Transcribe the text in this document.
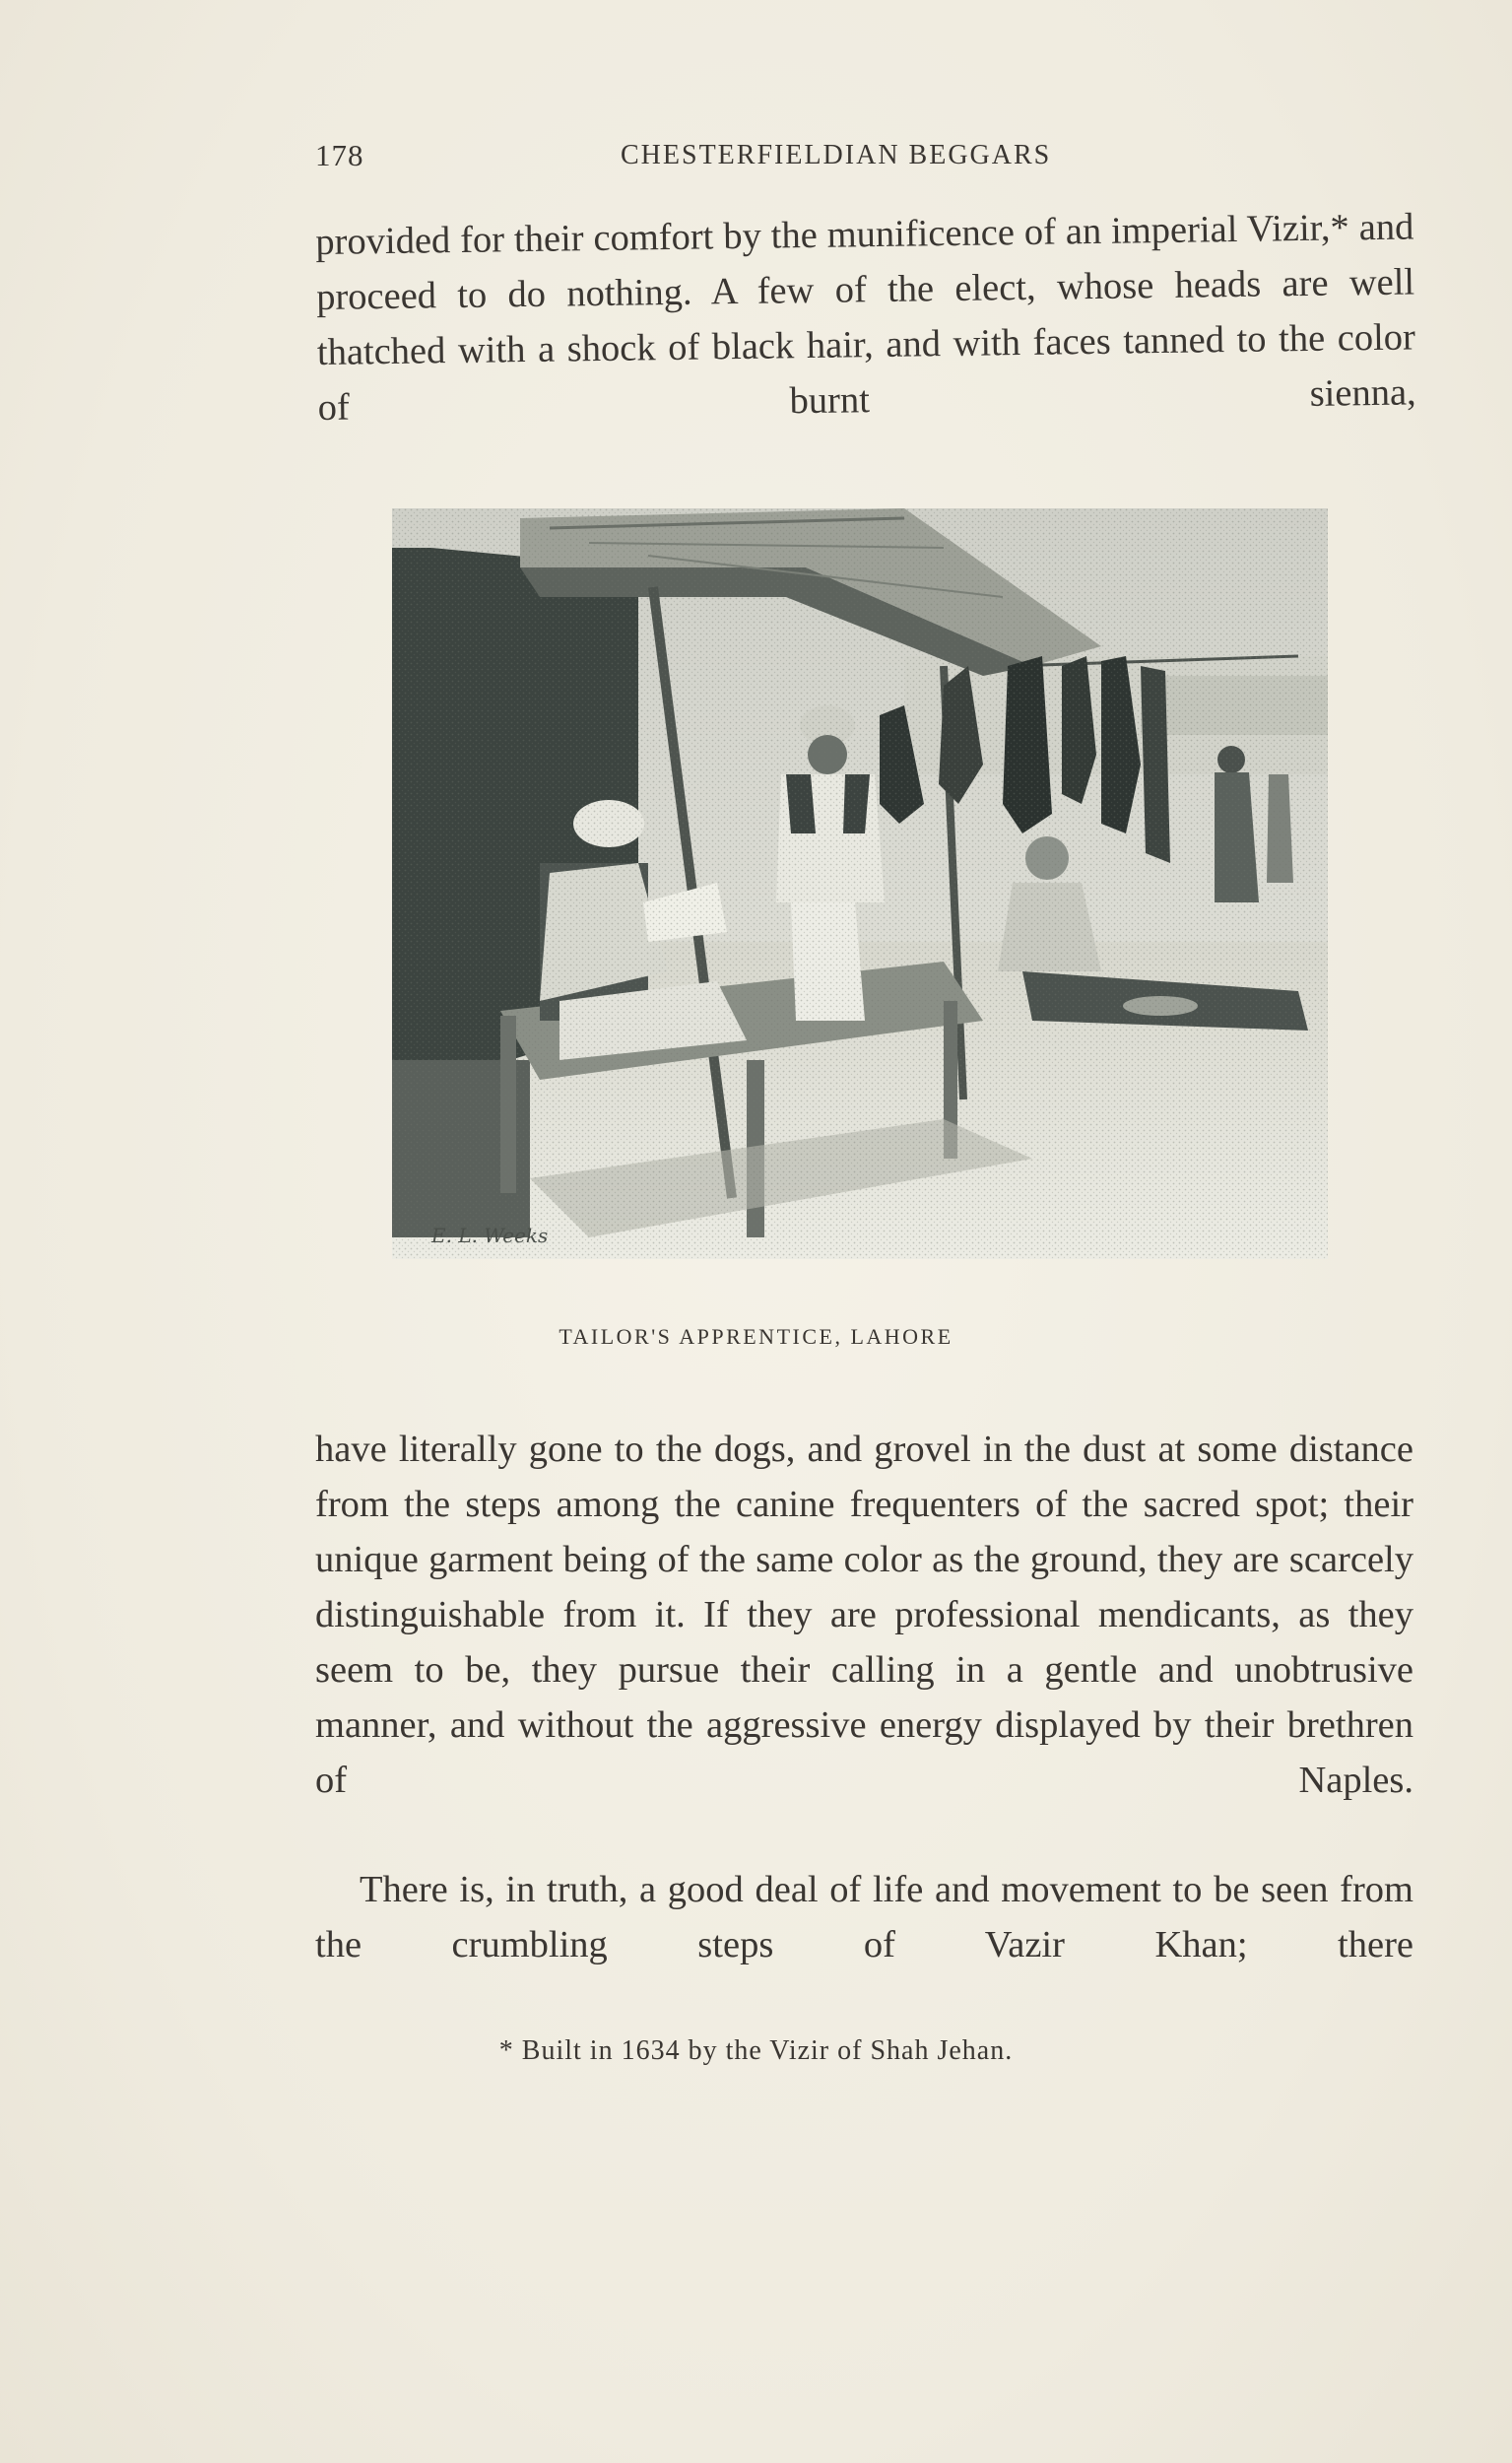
178	CHESTERFIELDIAN BEGGARS
provided for their comfort by the munificence of an imperial Vizir,* and proceed to do nothing. A few of the elect, whose heads are well thatched with a shock of black hair, and with faces tanned to the color of burnt sienna,
E. L. Weeks
TAILOR'S APPRENTICE, LAHORE
have literally gone to the dogs, and grovel in the dust at some distance from the steps among the canine frequenters of the sacred spot; their unique garment being of the same color as the ground, they are scarcely distinguishable from it. If they are professional mendicants, as they seem to be, they pursue their calling in a gentle and unobtrusive manner, and without the aggressive energy displayed by their brethren of Naples.
There is, in truth, a good deal of life and movement to be seen from the crumbling steps of Vazir Khan; there
* Built in 1634 by the Vizir of Shah Jehan.
